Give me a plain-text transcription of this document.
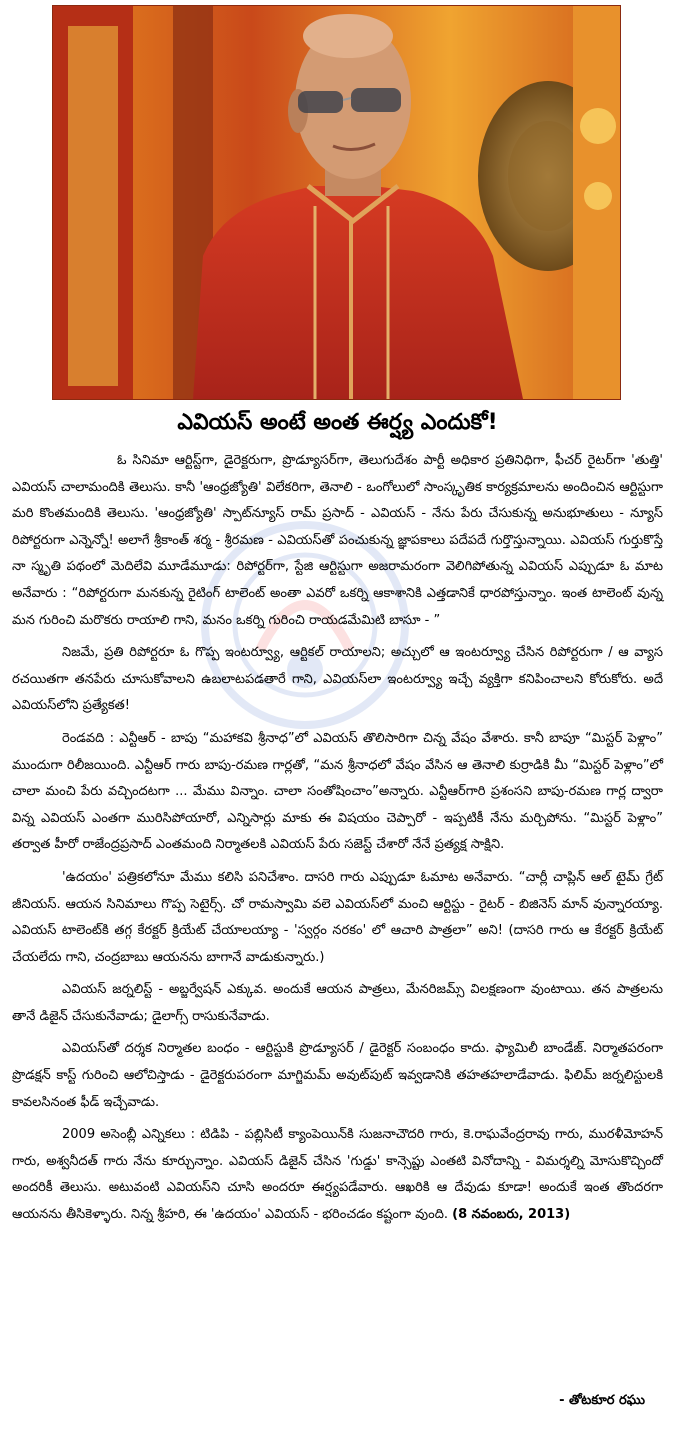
ఎవియస్ అంటే అంత ఈర్ష్య ఎందుకో!

ఓ సినిమా ఆర్టిస్ట్‌గా, డైరెక్టరుగా, ప్రొడ్యూసర్‌గా, తెలుగుదేశం పార్టీ అధికార ప్రతినిధిగా, ఫీచర్ రైటర్‌గా 'తుత్తి' ఎవియస్ చాలామందికి తెలుసు. కానీ 'ఆంధ్రజ్యోతి' విలేకరిగా, తెనాలి - ఒంగోలులో సాంస్కృతిక కార్యక్రమాలను అందించిన ఆర్టిస్టుగా మరి కొంతమందికి తెలుసు. 'ఆంధ్రజ్యోతి' స్పాట్‌న్యూస్ రామ్ ప్రసాద్ - ఎవియస్ - నేను పేరు చేసుకున్న అనుభూతులు - న్యూస్ రిపోర్టరుగా ఎన్నెన్నో! అలాగే శ్రీకాంత్ శర్మ - శ్రీరమణ - ఎవియస్‌తో పంచుకున్న జ్ఞాపకాలు పదేపదే గుర్తొస్తున్నాయి. ఎవియస్ గుర్తుకొస్తే నా స్మృతి పథంలో మెదిలేవి మూడేమూడు: రిపోర్టర్‌గా, స్టేజి ఆర్టిస్టుగా అజరామరంగా వెలిగిపోతున్న ఎవియస్ ఎప్పుడూ ఓ మాట అనేవారు : “రిపోర్టరుగా మనకున్న రైటింగ్ టాలెంట్ అంతా ఎవరో ఒకర్ని ఆకాశానికి ఎత్తడానికే ధారపోస్తున్నాం. ఇంత టాలెంట్ వున్న మన గురించి మరొకరు రాయాలి గాని, మనం ఒకర్ని గురించి రాయడమేమిటి బాసూ - ”

నిజమే, ప్రతి రిపోర్టరూ ఓ గొప్ప ఇంటర్వ్యూ, ఆర్టికల్ రాయాలని; అచ్చులో ఆ ఇంటర్వ్యూ చేసిన రిపోర్టరుగా / ఆ వ్యాస రచయితగా తనపేరు చూసుకోవాలని ఉబలాటపడతారే గాని, ఎవియస్‌లా ఇంటర్వ్యూ ఇచ్చే వ్యక్తిగా కనిపించాలని కోరుకోరు. అదే ఎవియస్‌లోని ప్రత్యేకత!

రెండవది : ఎన్టీఆర్ - బాపు “మహాకవి శ్రీనాధ”లో ఎవియస్ తొలిసారిగా చిన్న వేషం వేశారు. కానీ బాపూ “మిస్టర్ పెళ్లాం” ముందుగా రిలీజయింది. ఎన్టీఆర్ గారు బాపు-రమణ గార్లతో, “మన శ్రీనాధలో వేషం వేసిన ఆ తెనాలి కుర్రాడికి మీ “మిస్టర్ పెళ్లాం”లో చాలా మంచి పేరు వచ్చిందటగా ... మేము విన్నాం. చాలా సంతోషించాం”అన్నారు. ఎన్టీఆర్‌గారి ప్రశంసని బాపు-రమణ గార్ల ద్వారా విన్న ఎవియస్ ఎంతగా మురిసిపోయారో, ఎన్నిసార్లు మాకు ఈ విషయం చెప్పారో - ఇప్పటికీ నేను మర్చిపోను. “మిస్టర్ పెళ్లాం” తర్వాత హీరో రాజేంద్రప్రసాద్ ఎంతమంది నిర్మాతలకి ఎవియస్ పేరు సజెస్ట్ చేశారో నేనే ప్రత్యక్ష సాక్షిని.

'ఉదయం' పత్రికలోనూ మేము కలిసి పనిచేశాం. దాసరి గారు ఎప్పుడూ ఓమాట అనేవారు. “చార్లీ చాప్లిన్ ఆల్ టైమ్ గ్రేట్ జీనియస్. ఆయన సినిమాలు గొప్ప సెటైర్స్. చో రామస్వామి వలె ఎవియస్‌లో మంచి ఆర్టిస్టు - రైటర్ - బిజినెస్ మాన్ వున్నారయ్యా. ఎవియస్ టాలెంట్‌కి తగ్గ కేరక్టర్ క్రియేట్ చేయాలయ్యా - 'స్వర్గం నరకం' లో ఆచారి పాత్రలా” అని! (దాసరి గారు ఆ కేరక్టర్ క్రియేట్ చేయలేదు గాని, చంద్రబాబు ఆయనను బాగానే వాడుకున్నారు.)

ఎవియస్ జర్నలిస్ట్ - అబ్జర్వేషన్ ఎక్కువ. అందుకే ఆయన పాత్రలు, మేనరిజమ్స్ విలక్షణంగా వుంటాయి. తన పాత్రలను తానే డిజైన్ చేసుకునేవాడు; డైలాగ్స్ రాసుకునేవాడు.

ఎవియస్‌తో దర్శక నిర్మాతల బంధం - ఆర్టిస్టుకి ప్రొడ్యూసర్ / డైరెక్టర్ సంబంధం కాదు. ఫ్యామిలీ బాండేజ్. నిర్మాతపరంగా ప్రొడక్షన్ కాస్ట్ గురించి ఆలోచిస్తాడు - డైరెక్టరుపరంగా మాగ్జిమమ్ అవుట్‌పుట్ ఇవ్వడానికి తహతహలాడేవాడు. ఫిలిమ్ జర్నలిస్టులకి కావలసినంత ఫీడ్ ఇచ్చేవాడు.

2009 అసెంబ్లీ ఎన్నికలు : టిడిపి - పబ్లిసిటీ క్యాంపెయిన్‌కి సుజనాచౌదరి గారు, కె.రాఘవేంద్రరావు గారు, మురళీమోహన్ గారు, అశ్వనీదత్ గారు నేను కూర్చున్నాం. ఎవియస్ డిజైన్ చేసిన 'గుడ్డు' కాన్సెప్టు ఎంతటి వినోదాన్ని - విమర్శల్ని మోసుకొచ్చిందో అందరికీ తెలుసు. అటువంటి ఎవియస్‌ని చూసి అందరూ ఈర్ష్యపడేవారు. ఆఖరికి ఆ దేవుడు కూడా! అందుకే ఇంత తొందరగా ఆయనను తీసికెళ్ళారు. నిన్న శ్రీహరి, ఈ 'ఉదయం' ఎవియస్ - భరించడం కష్టంగా వుంది. (8 నవంబరు, 2013)

- తోటకూర రఘు
